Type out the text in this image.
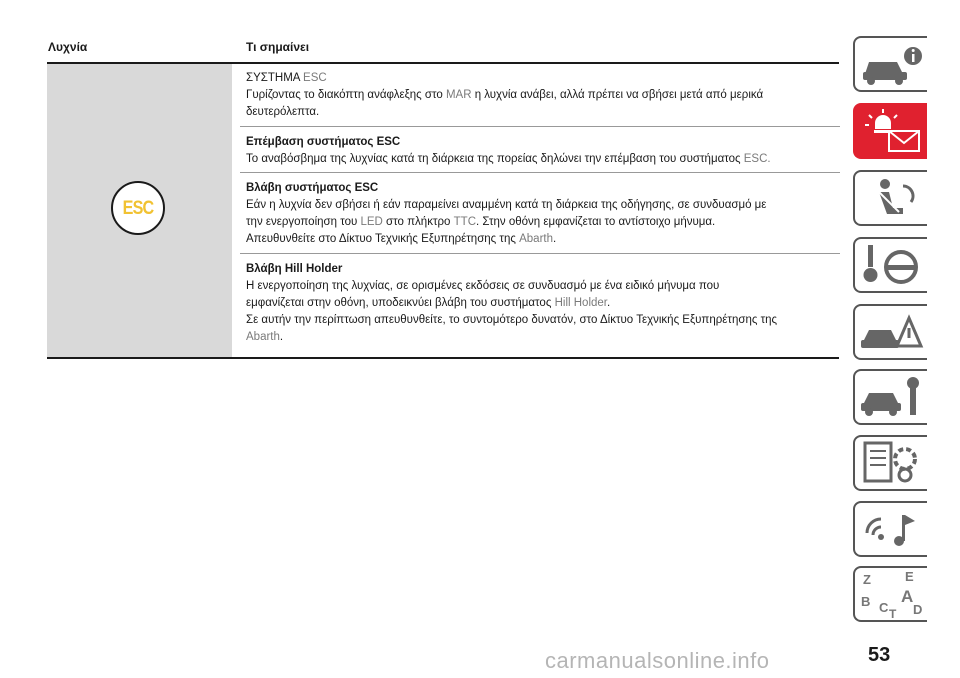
Λυχνία	Τι σημαίνει
ESC
ΣΥΣΤΗΜΑ ESC
Γυρίζοντας το διακόπτη ανάφλεξης στο MAR η λυχνία ανάβει, αλλά πρέπει να σβήσει μετά από μερικά
δευτερόλεπτα.
Επέμβαση συστήματος ESC
Το αναβόσβημα της λυχνίας κατά τη διάρκεια της πορείας δηλώνει την επέμβαση του συστήματος ESC.
Βλάβη συστήματος ESC
Εάν η λυχνία δεν σβήσει ή εάν παραμείνει αναμμένη κατά τη διάρκεια της οδήγησης, σε συνδυασμό με
την ενεργοποίηση του LED στο πλήκτρο TTC. Στην οθόνη εμφανίζεται το αντίστοιχο μήνυμα.
Απευθυνθείτε στο Δίκτυο Τεχνικής Εξυπηρέτησης της Abarth.
Βλάβη Hill Holder
Η ενεργοποίηση της λυχνίας, σε ορισμένες εκδόσεις σε συνδυασμό με ένα ειδικό μήνυμα που
εμφανίζεται στην οθόνη, υποδεικνύει βλάβη του συστήματος Hill Holder.
Σε αυτήν την περίπτωση απευθυνθείτε, το συντομότερο δυνατόν, στο Δίκτυο Τεχνικής Εξυπηρέτησης της
Abarth.
Z	E
B A
C D
T
53
carmanualsonline.info
